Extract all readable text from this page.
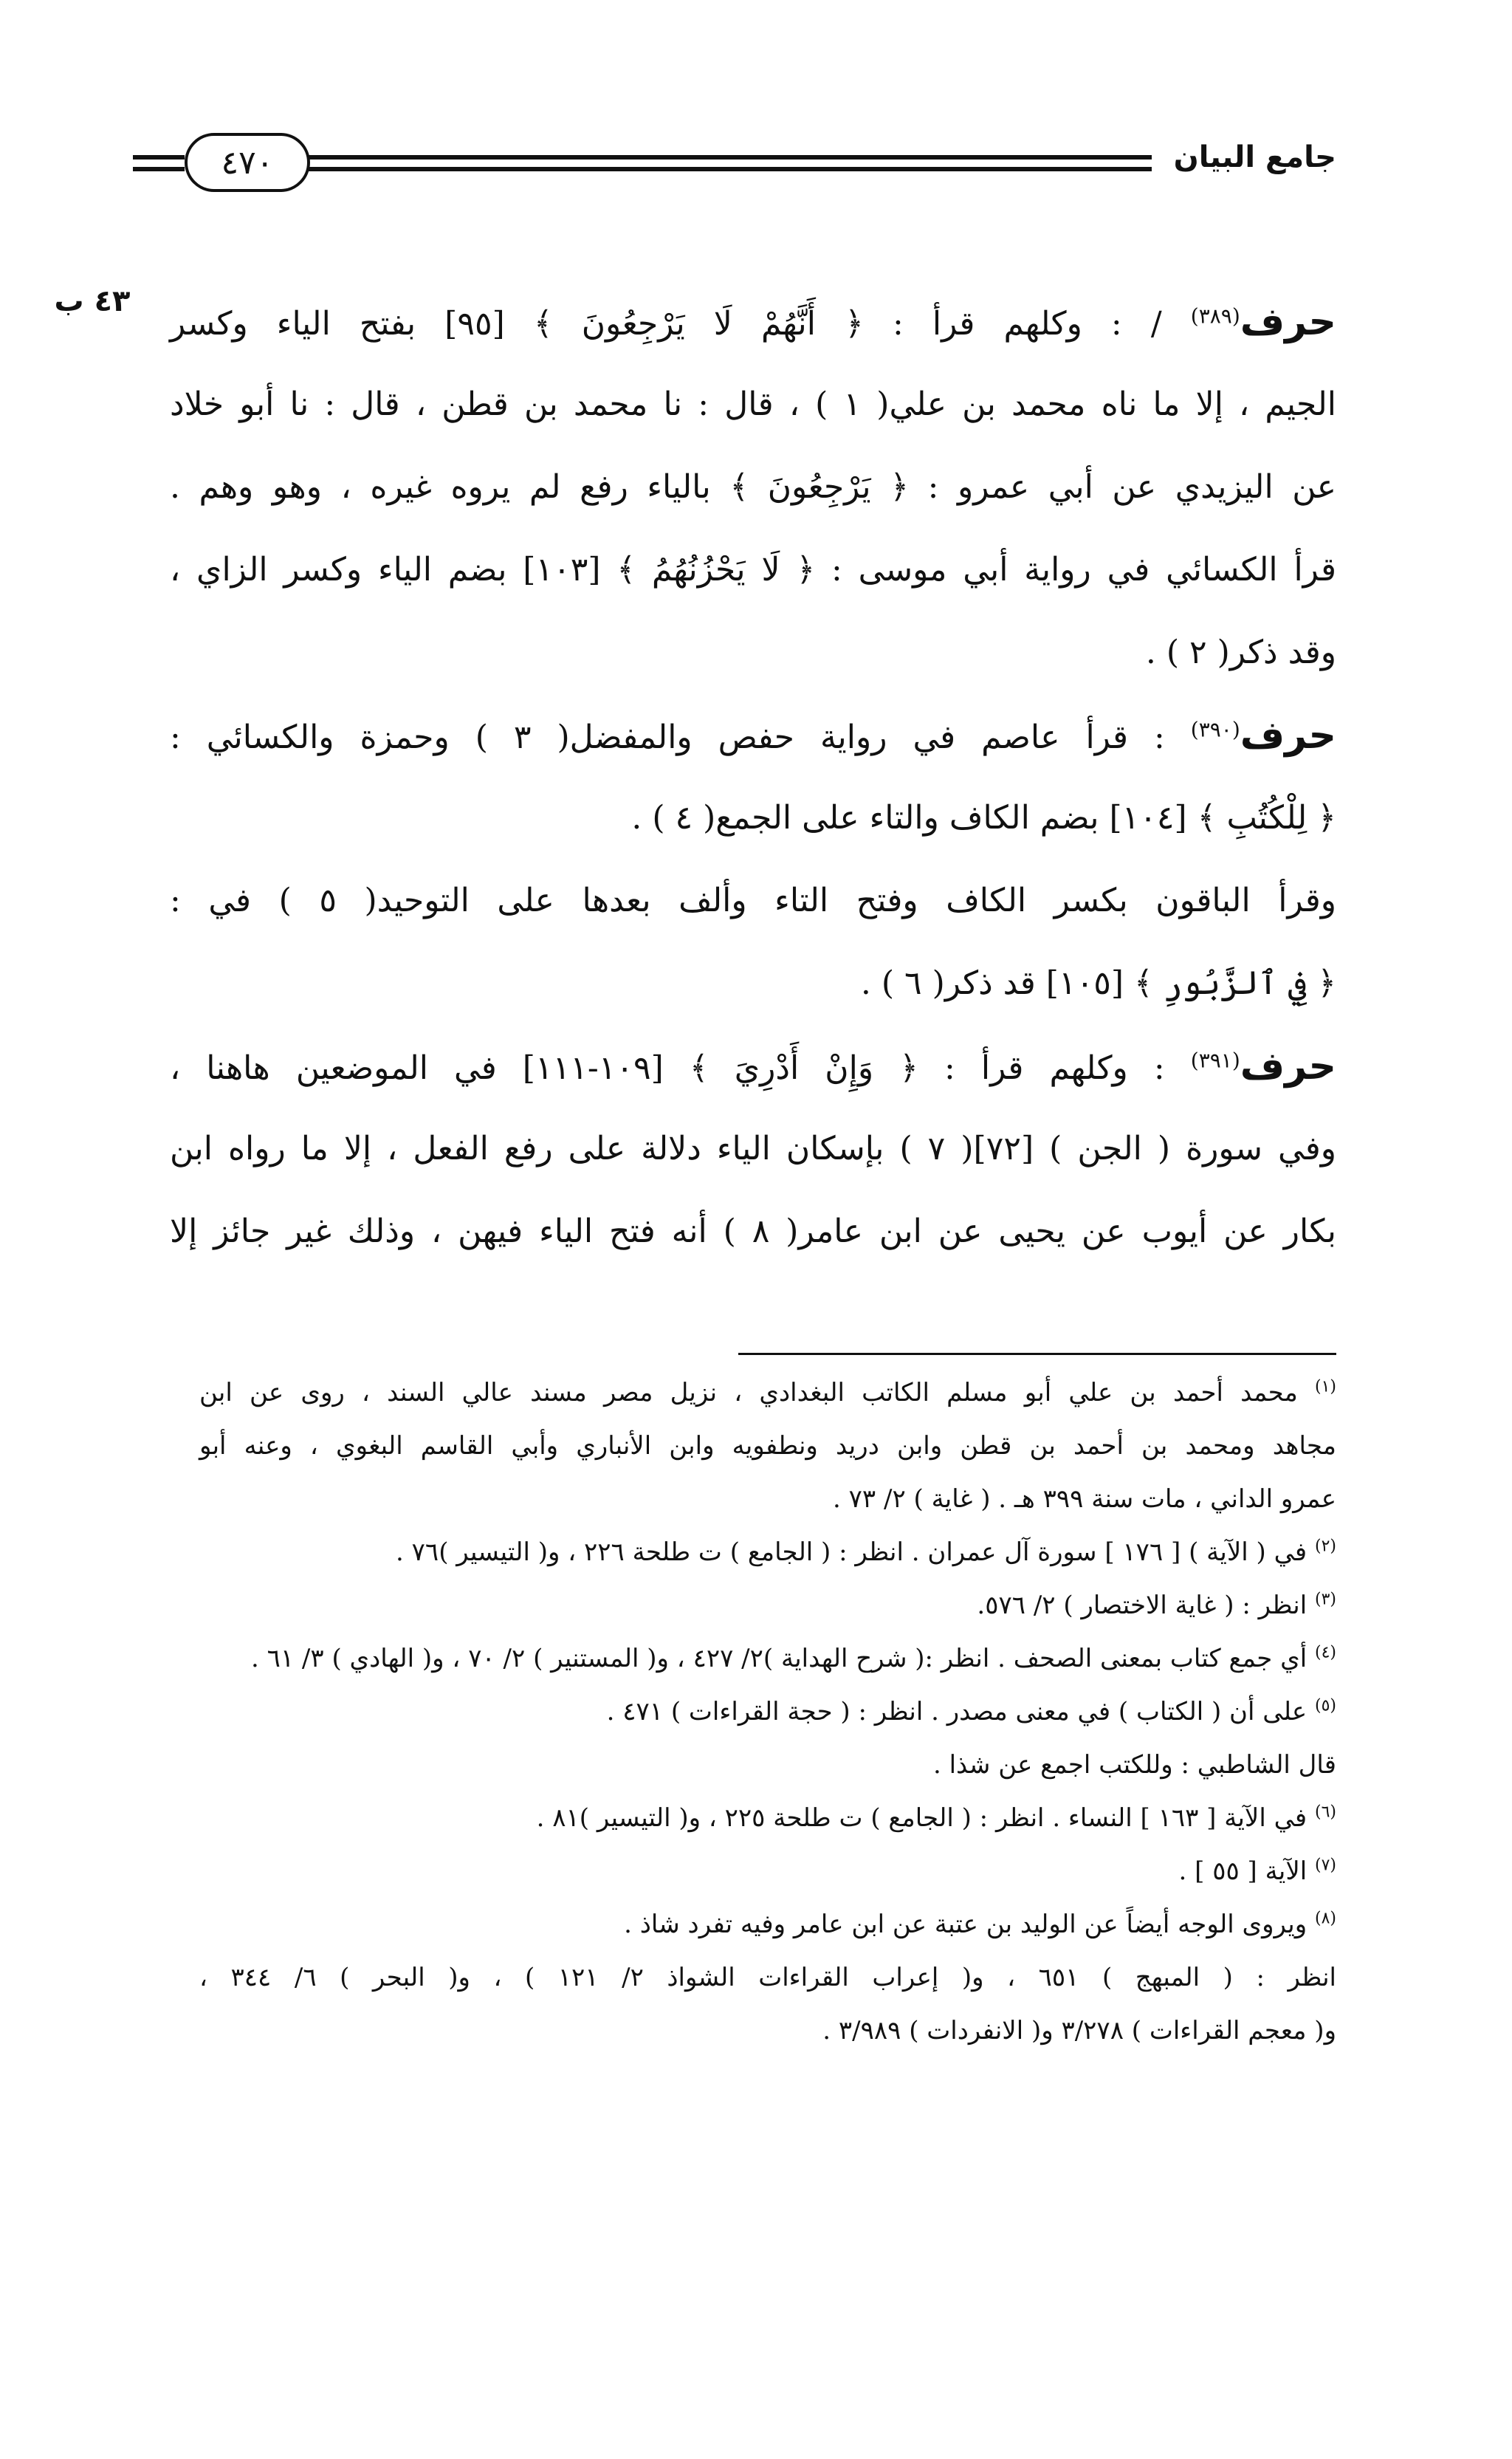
٤٧٠	جامع البيان
٤٣ ب	حرف$^{(٣٨٩)}$ / : وكلهم قرأ : ﴿ أَنَّهُمْ لَا يَرْجِعُونَ ﴾ [٩٥] بفتح الياء وكسر
الجيم ، إلا ما ناه محمد بن علي( ١ ) ، قال : نا محمد بن قطن ، قال : نا أبو خلاد
عن اليزيدي عن أبي عمرو : ﴿ يَرْجِعُونَ ﴾ بالياء رفع لم يروه غيره ، وهو وهم .
قرأ الكسائي في رواية أبي موسى : ﴿ لَا يَحْزُنُهُمُ ﴾ [١٠٣] بضم الياء وكسر الزاي ،
وقد ذكر( ٢ ) .
حرف$^{(٣٩٠)}$ : قرأ عاصم في رواية حفص والمفضل( ٣ ) وحمزة والكسائي :
﴿ لِلْكُتُبِ ﴾ [١٠٤] بضم الكاف والتاء على الجمع( ٤ ) .
وقرأ الباقون بكسر الكاف وفتح التاء وألف بعدها على التوحيد( ٥ ) في :
﴿ فِي ٱلزَّبُورِ ﴾ [١٠٥] قد ذكر( ٦ ) .
حرف$^{(٣٩١)}$ : وكلهم قرأ : ﴿ وَإِنْ أَدْرِيَ ﴾ [١٠٩-١١١] في الموضعين هاهنا ،
وفي سورة ( الجن ) [٧٢]( ٧ ) بإسكان الياء دلالة على رفع الفعل ، إلا ما رواه ابن
بكار عن أيوب عن يحيى عن ابن عامر( ٨ ) أنه فتح الياء فيهن ، وذلك غير جائز إلا
$^{(١)}$ محمد أحمد بن علي أبو مسلم الكاتب البغدادي ، نزيل مصر مسند عالي السند ، روى عن ابن
مجاهد ومحمد بن أحمد بن قطن وابن دريد ونطفويه وابن الأنباري وأبي القاسم البغوي ، وعنه أبو
عمرو الداني ، مات سنة ٣٩٩ هـ . ( غاية ) ٢/ ٧٣ .
$^{(٢)}$ في ( الآية ) [ ١٧٦ ] سورة آل عمران . انظر : ( الجامع ) ت طلحة ٢٢٦ ، و( التيسير )٧٦ .
$^{(٣)}$ انظر : ( غاية الاختصار ) ٢/ ٥٧٦.
$^{(٤)}$ أي جمع كتاب بمعنى الصحف . انظر :( شرح الهداية )٢/ ٤٢٧ ، و( المستنير ) ٢/ ٧٠ ، و( الهادي ) ٣/ ٦١ .
$^{(٥)}$ على أن ( الكتاب ) في معنى مصدر . انظر : ( حجة القراءات ) ٤٧١ .
قال الشاطبي : وللكتب اجمع عن شذا .
$^{(٦)}$ في الآية [ ١٦٣ ] النساء . انظر : ( الجامع ) ت طلحة ٢٢٥ ، و( التيسير )٨١ .
$^{(٧)}$ الآية [ ٥٥ ] .
$^{(٨)}$ ويروى الوجه أيضاً عن الوليد بن عتبة عن ابن عامر وفيه تفرد شاذ .
انظر : ( المبهج ) ٦٥١ ، و( إعراب القراءات الشواذ ٢/ ١٢١ ) ، و( البحر ) ٦/ ٣٤٤ ،
و( معجم القراءات ) ٣/٢٧٨ و( الانفردات ) ٣/٩٨٩ .
